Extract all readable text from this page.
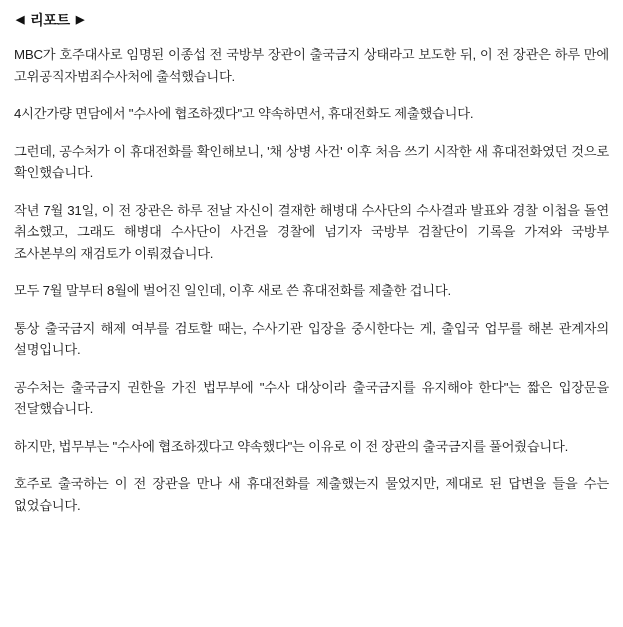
◀ 리포트 ▶

MBC가 호주대사로 임명된 이종섭 전 국방부 장관이 출국금지 상태라고 보도한 뒤, 이 전 장관은 하루 만에 고위공직자범죄수사처에 출석했습니다.

4시간가량 면담에서 "수사에 협조하겠다"고 약속하면서, 휴대전화도 제출했습니다.

그런데, 공수처가 이 휴대전화를 확인해보니, '채 상병 사건' 이후 처음 쓰기 시작한 새 휴대전화였던 것으로 확인했습니다.

작년 7월 31일, 이 전 장관은 하루 전날 자신이 결재한 해병대 수사단의 수사결과 발표와 경찰 이첩을 돌연 취소했고, 그래도 해병대 수사단이 사건을 경찰에 넘기자 국방부 검찰단이 기록을 가져와 국방부 조사본부의 재검토가 이뤄졌습니다.

모두 7월 말부터 8월에 벌어진 일인데, 이후 새로 쓴 휴대전화를 제출한 겁니다.

통상 출국금지 해제 여부를 검토할 때는, 수사기관 입장을 중시한다는 게, 출입국 업무를 해본 관계자의 설명입니다.

공수처는 출국금지 권한을 가진 법무부에 "수사 대상이라 출국금지를 유지해야 한다"는 짧은 입장문을 전달했습니다.

하지만, 법무부는 "수사에 협조하겠다고 약속했다"는 이유로 이 전 장관의 출국금지를 풀어줬습니다.

호주로 출국하는 이 전 장관을 만나 새 휴대전화를 제출했는지 물었지만, 제대로 된 답변을 들을 수는 없었습니다.
